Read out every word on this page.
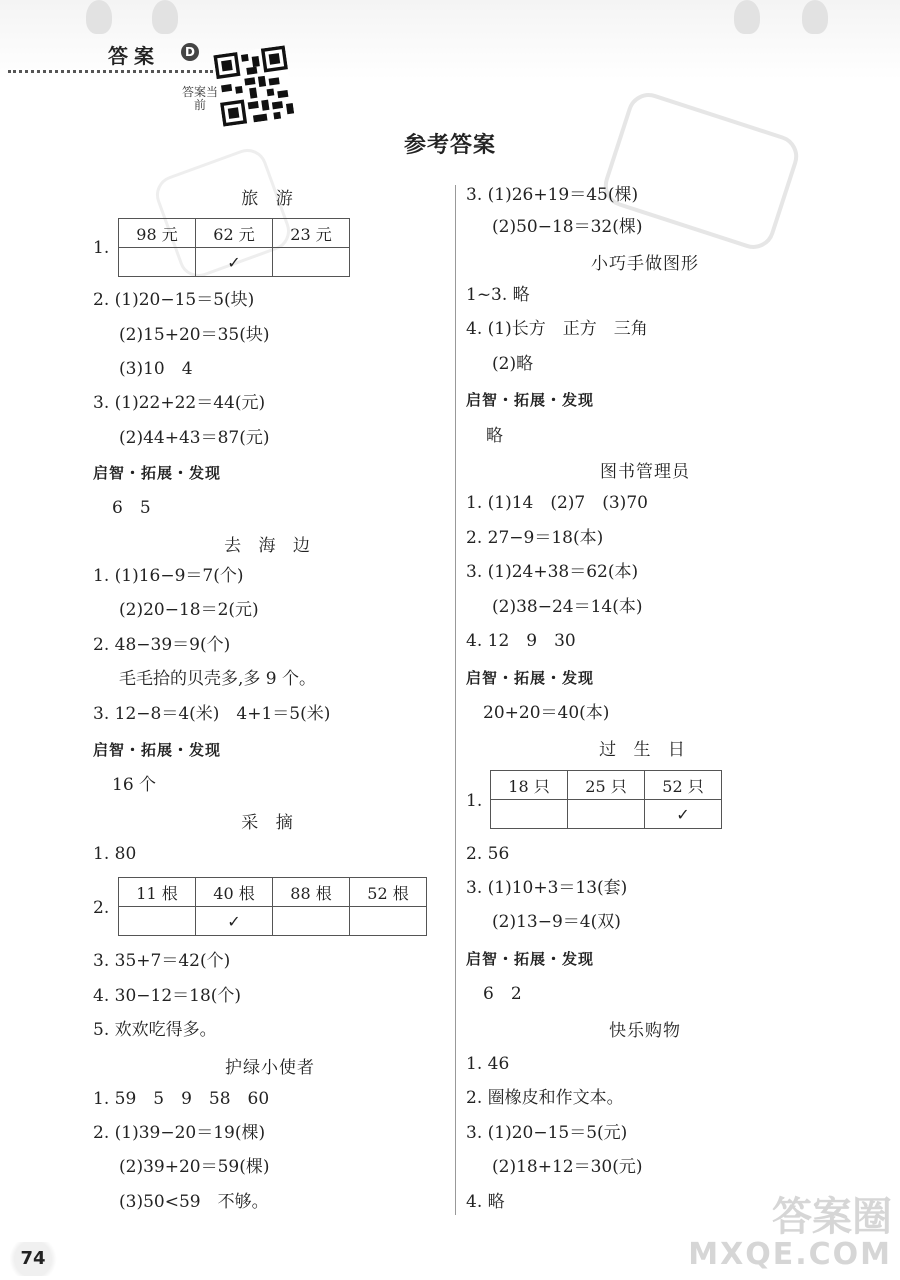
答案	D
答案当前
参考答案
旅 游
1.
98 元	62 元	23 元
	✓	
2. (1)20−15＝5(块)
(2)15+20＝35(块)
(3)10　4
3. (1)22+22＝44(元)
(2)44+43＝87(元)
启智・拓展・发现
6　5
去 海 边
1. (1)16−9＝7(个)
(2)20−18＝2(元)
2. 48−39＝9(个)
毛毛拾的贝壳多,多 9 个。
3. 12−8＝4(米)　4+1＝5(米)
启智・拓展・发现
16 个
采 摘
1. 80
2.
11 根	40 根	88 根	52 根
	✓		
3. 35+7＝42(个)
4. 30−12＝18(个)
5. 欢欢吃得多。
护绿小使者
1. 59　5　9　58　60
2. (1)39−20＝19(棵)
(2)39+20＝59(棵)
(3)50<59　不够。
3. (1)26+19＝45(棵)
(2)50−18＝32(棵)
小巧手做图形
1~3. 略
4. (1)长方　正方　三角
(2)略
启智・拓展・发现
略
图书管理员
1. (1)14　(2)7　(3)70
2. 27−9＝18(本)
3. (1)24+38＝62(本)
(2)38−24＝14(本)
4. 12　9　30
启智・拓展・发现
20+20＝40(本)
过 生 日
1.
18 只	25 只	52 只
		✓
2. 56
3. (1)10+3＝13(套)
(2)13−9＝4(双)
启智・拓展・发现
6　2
快乐购物
1. 46
2. 圈橡皮和作文本。
3. (1)20−15＝5(元)
(2)18+12＝30(元)
4. 略
74
答案圈
MXQE.COM
